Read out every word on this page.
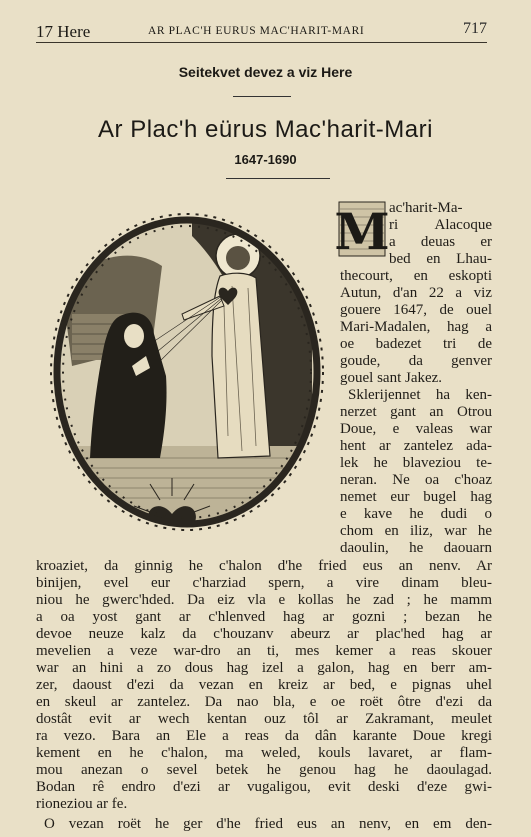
17 Here	AR PLAC'H EURUS MAC'HARIT-MARI	717
Seitekvet devez a viz Here
Ar Plac'h eürus Mac'harit-Mari
1647-1690
M ac'harit-Ma-
ri Alacoque
a deuas er
bed en Lhau-
thecourt, en eskopti
Autun, d'an 22 a viz
gouere 1647, de ouel
Mari-Madalen, hag a
oe badezet tri de
goude, da genver
gouel sant Jakez.
Sklerijennet ha ken-
nerzet gant an Otrou
Doue, e valeas war
hent ar zantelez ada-
lek he blaveziou te-
neran. Ne oa c'hoaz
nemet eur bugel hag
e kave he dudi o
chom en iliz, war he
daoulin, he daouarn
kroaziet, da ginnig he c'halon d'he fried eus an nenv. Ar
binijen, evel eur c'harziad spern, a vire dinam bleu-
niou he gwerc'hded. Da eiz vla e kollas he zad ; he mamm
a oa yost gant ar c'hlenved hag ar gozni ; bezan he
devoe neuze kalz da c'houzanv abeurz ar plac'hed hag ar
mevelien a veze war-dro an ti, mes kemer a reas skouer
war an hini a zo dous hag izel a galon, hag en berr am-
zer, daoust d'ezi da vezan en kreiz ar bed, e pignas uhel
en skeul ar zantelez. Da nao bla, e oe roët ôtre d'ezi da
dostât evit ar wech kentan ouz tôl ar Zakramant, meulet
ra vezo. Bara an Ele a reas da dân karante Doue kregi
kement en he c'halon, ma weled, kouls lavaret, ar flam-
mou anezan o sevel betek he genou hag he daoulagad.
Bodan rê endro d'ezi ar vugaligou, evit deski d'eze gwi-
rioneziou ar fe.
O vezan roët he ger d'he fried eus an nenv, en em den-
